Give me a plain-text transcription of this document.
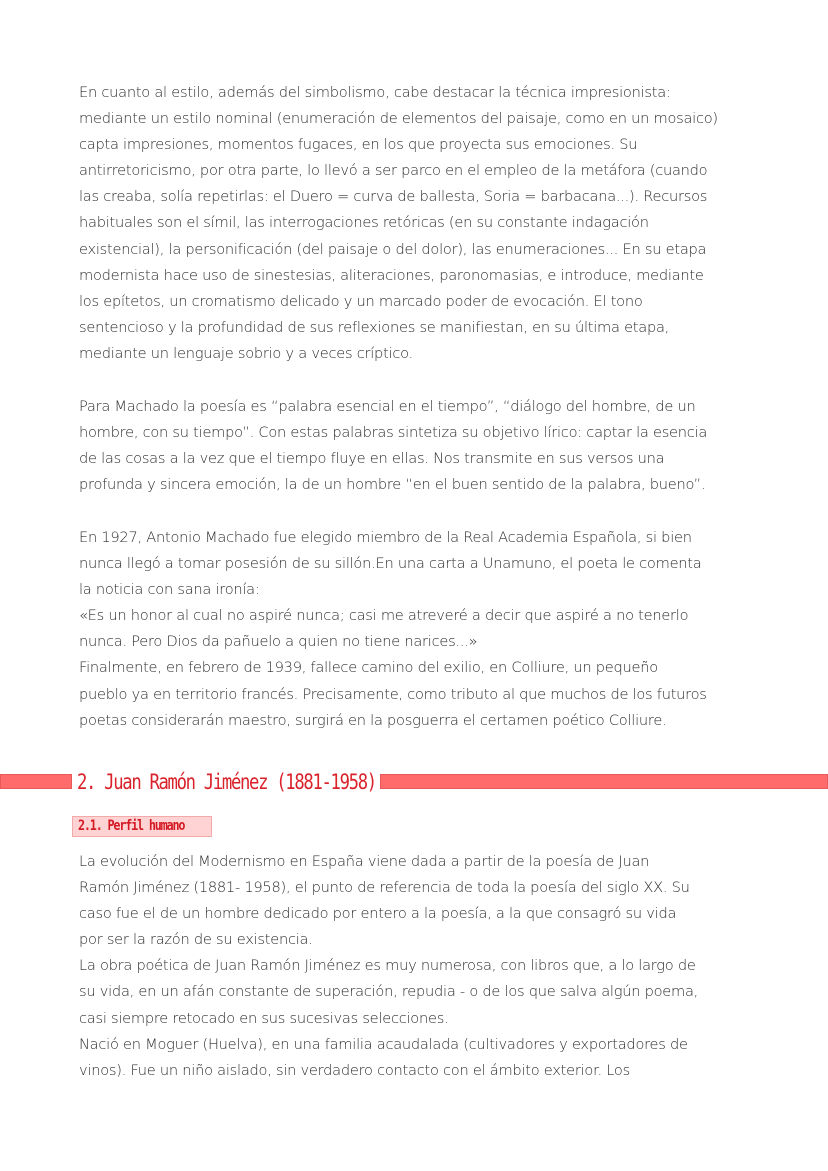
En cuanto al estilo, además del simbolismo, cabe destacar la técnica impresionista:
mediante un estilo nominal (enumeración de elementos del paisaje, como en un mosaico)
capta impresiones, momentos fugaces, en los que proyecta sus emociones. Su
antirretoricismo, por otra parte, lo llevó a ser parco en el empleo de la metáfora (cuando
las creaba, solía repetirlas: el Duero = curva de ballesta, Soria = barbacana...). Recursos
habituales son el símil, las interrogaciones retóricas (en su constante indagación
existencial), la personificación (del paisaje o del dolor), las enumeraciones... En su etapa
modernista hace uso de sinestesias, aliteraciones, paronomasias, e introduce, mediante
los epítetos, un cromatismo delicado y un marcado poder de evocación. El tono
sentencioso y la profundidad de sus reflexiones se manifiestan, en su última etapa,
mediante un lenguaje sobrio y a veces críptico.
Para Machado la poesía es “palabra esencial en el tiempo”, “diálogo del hombre, de un
hombre, con su tiempo”. Con estas palabras sintetiza su objetivo lírico: captar la esencia
de las cosas a la vez que el tiempo fluye en ellas. Nos transmite en sus versos una
profunda y sincera emoción, la de un hombre “en el buen sentido de la palabra, bueno”.
En 1927, Antonio Machado fue elegido miembro de la Real Academia Española, si bien
nunca llegó a tomar posesión de su sillón.En una carta a Unamuno, el poeta le comenta
la noticia con sana ironía:
«Es un honor al cual no aspiré nunca; casi me atreveré a decir que aspiré a no tenerlo
nunca. Pero Dios da pañuelo a quien no tiene narices...»
Finalmente, en febrero de 1939, fallece camino del exilio, en Colliure, un pequeño
pueblo ya en territorio francés. Precisamente, como tributo al que muchos de los futuros
poetas considerarán maestro, surgirá en la posguerra el certamen poético Colliure.
2. Juan Ramón Jiménez (1881-1958)
2.1. Perfil humano
La evolución del Modernismo en España viene dada a partir de la poesía de Juan
Ramón Jiménez (1881- 1958), el punto de referencia de toda la poesía del siglo XX. Su
caso fue el de un hombre dedicado por entero a la poesía, a la que consagró su vida
por ser la razón de su existencia.
La obra poética de Juan Ramón Jiménez es muy numerosa, con libros que, a lo largo de
su vida, en un afán constante de superación, repudia - o de los que salva algún poema,
casi siempre retocado en sus sucesivas selecciones.
Nació en Moguer (Huelva), en una familia acaudalada (cultivadores y exportadores de
vinos). Fue un niño aislado, sin verdadero contacto con el ámbito exterior. Los
